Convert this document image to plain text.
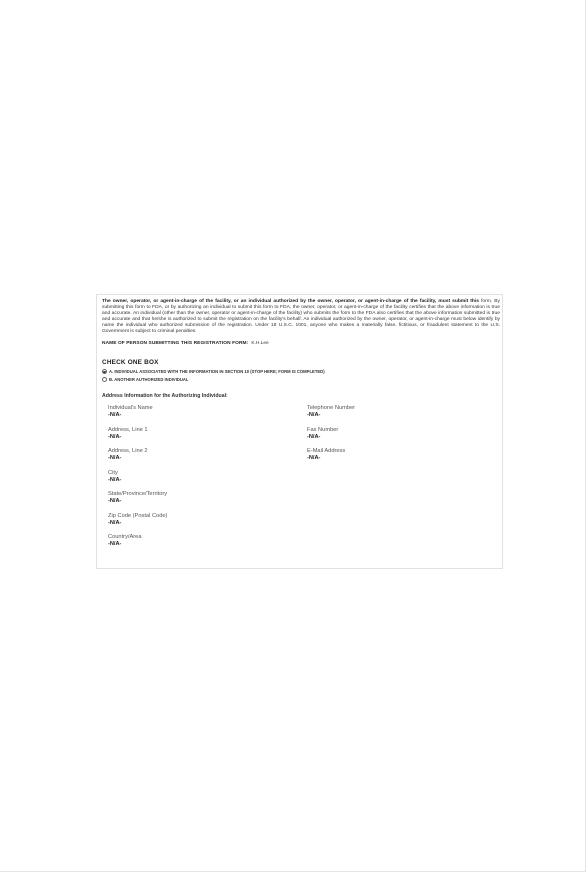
The owner, operator, or agent-in-charge of the facility, or an individual authorized by the owner, operator, or agent-in-charge of the facility, must submit this form. By submitting this form to FDA, or by authorizing an individual to submit this form to FDA, the owner, operator, or agent-in-charge of the facility certifies that the above information is true and accurate. An individual (other than the owner, operator or agent-in-charge of the facility) who submits the form to the FDA also certifies that the above information submitted is true and accurate and that he/she is authorized to submit the registration on the facility's behalf. An individual authorized by the owner, operator, or agent-in-charge must below identify by name the individual who authorized submission of the registration. Under 18 U.S.C. 1001, anyone who makes a materially false, fictitious, or fraudulent statement to the U.S. Government is subject to criminal penalties.

NAME OF PERSON SUBMITTING THIS REGISTRATION FORM: K.H.Lee
CHECK ONE BOX
A. INDIVIDUAL ASSOCIATED WITH THE INFORMATION IN SECTION 10 (STOP HERE; FORM IS COMPLETED)
B. ANOTHER AUTHORIZED INDIVIDUAL
Address Information for the Authorizing Individual:
Individual's Name
-N/A-
Address, Line 1
-N/A-
Address, Line 2
-N/A-
City
-N/A-
State/Province/Territory
-N/A-
Zip Code (Postal Code)
-N/A-
Country/Area
-N/A-
Telephone Number
-N/A-
Fax Number
-N/A-
E-Mail Address
-N/A-
